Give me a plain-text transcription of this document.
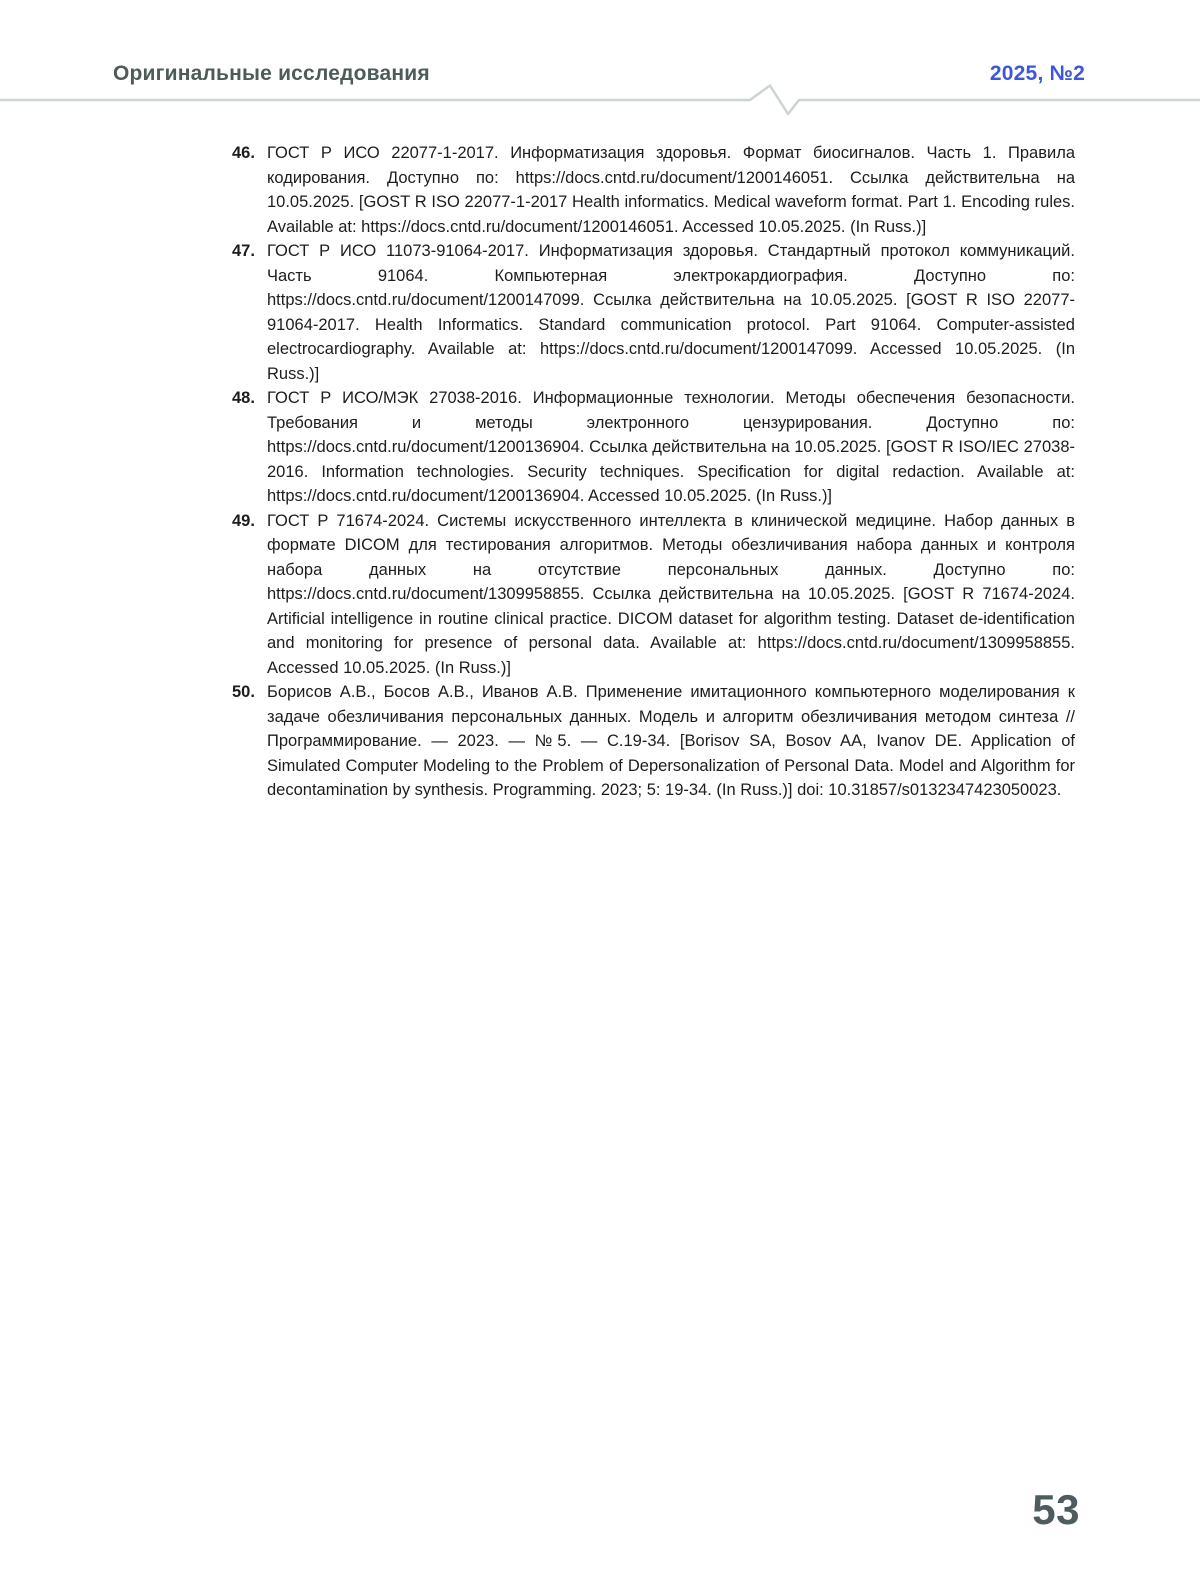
Оригинальные исследования	2025, №2
46. ГОСТ Р ИСО 22077-1-2017. Информатизация здоровья. Формат биосигналов. Часть 1. Правила кодирования. Доступно по: https://docs.cntd.ru/document/1200146051. Ссылка действительна на 10.05.2025. [GOST R ISO 22077-1-2017 Health informatics. Medical waveform format. Part 1. Encoding rules. Available at: https://docs.cntd.ru/document/1200146051. Accessed 10.05.2025. (In Russ.)]
47. ГОСТ Р ИСО 11073-91064-2017. Информатизация здоровья. Стандартный протокол коммуникаций. Часть 91064. Компьютерная электрокардиография. Доступно по: https://docs.cntd.ru/document/1200147099. Ссылка действительна на 10.05.2025. [GOST R ISO 22077-91064-2017. Health Informatics. Standard communication protocol. Part 91064. Computer-assisted electrocardiography. Available at: https://docs.cntd.ru/document/1200147099. Accessed 10.05.2025. (In Russ.)]
48. ГОСТ Р ИСО/МЭК 27038-2016. Информационные технологии. Методы обеспечения безопасности. Требования и методы электронного цензурирования. Доступно по: https://docs.cntd.ru/document/1200136904. Ссылка действительна на 10.05.2025. [GOST R ISO/IEC 27038-2016. Information technologies. Security techniques. Specification for digital redaction. Available at: https://docs.cntd.ru/document/1200136904. Accessed 10.05.2025. (In Russ.)]
49. ГОСТ Р 71674-2024. Системы искусственного интеллекта в клинической медицине. Набор данных в формате DICOM для тестирования алгоритмов. Методы обезличивания набора данных и контроля набора данных на отсутствие персональных данных. Доступно по: https://docs.cntd.ru/document/1309958855. Ссылка действительна на 10.05.2025. [GOST R 71674-2024. Artificial intelligence in routine clinical practice. DICOM dataset for algorithm testing. Dataset de-identification and monitoring for presence of personal data. Available at: https://docs.cntd.ru/document/1309958855. Accessed 10.05.2025. (In Russ.)]
50. Борисов А.В., Босов А.В., Иванов А.В. Применение имитационного компьютерного моделирования к задаче обезличивания персональных данных. Модель и алгоритм обезличивания методом синтеза // Программирование. — 2023. — №5. — С.19-34. [Borisov SA, Bosov AA, Ivanov DE. Application of Simulated Computer Modeling to the Problem of Depersonalization of Personal Data. Model and Algorithm for decontamination by synthesis. Programming. 2023; 5: 19-34. (In Russ.)] doi: 10.31857/s0132347423050023.
53
